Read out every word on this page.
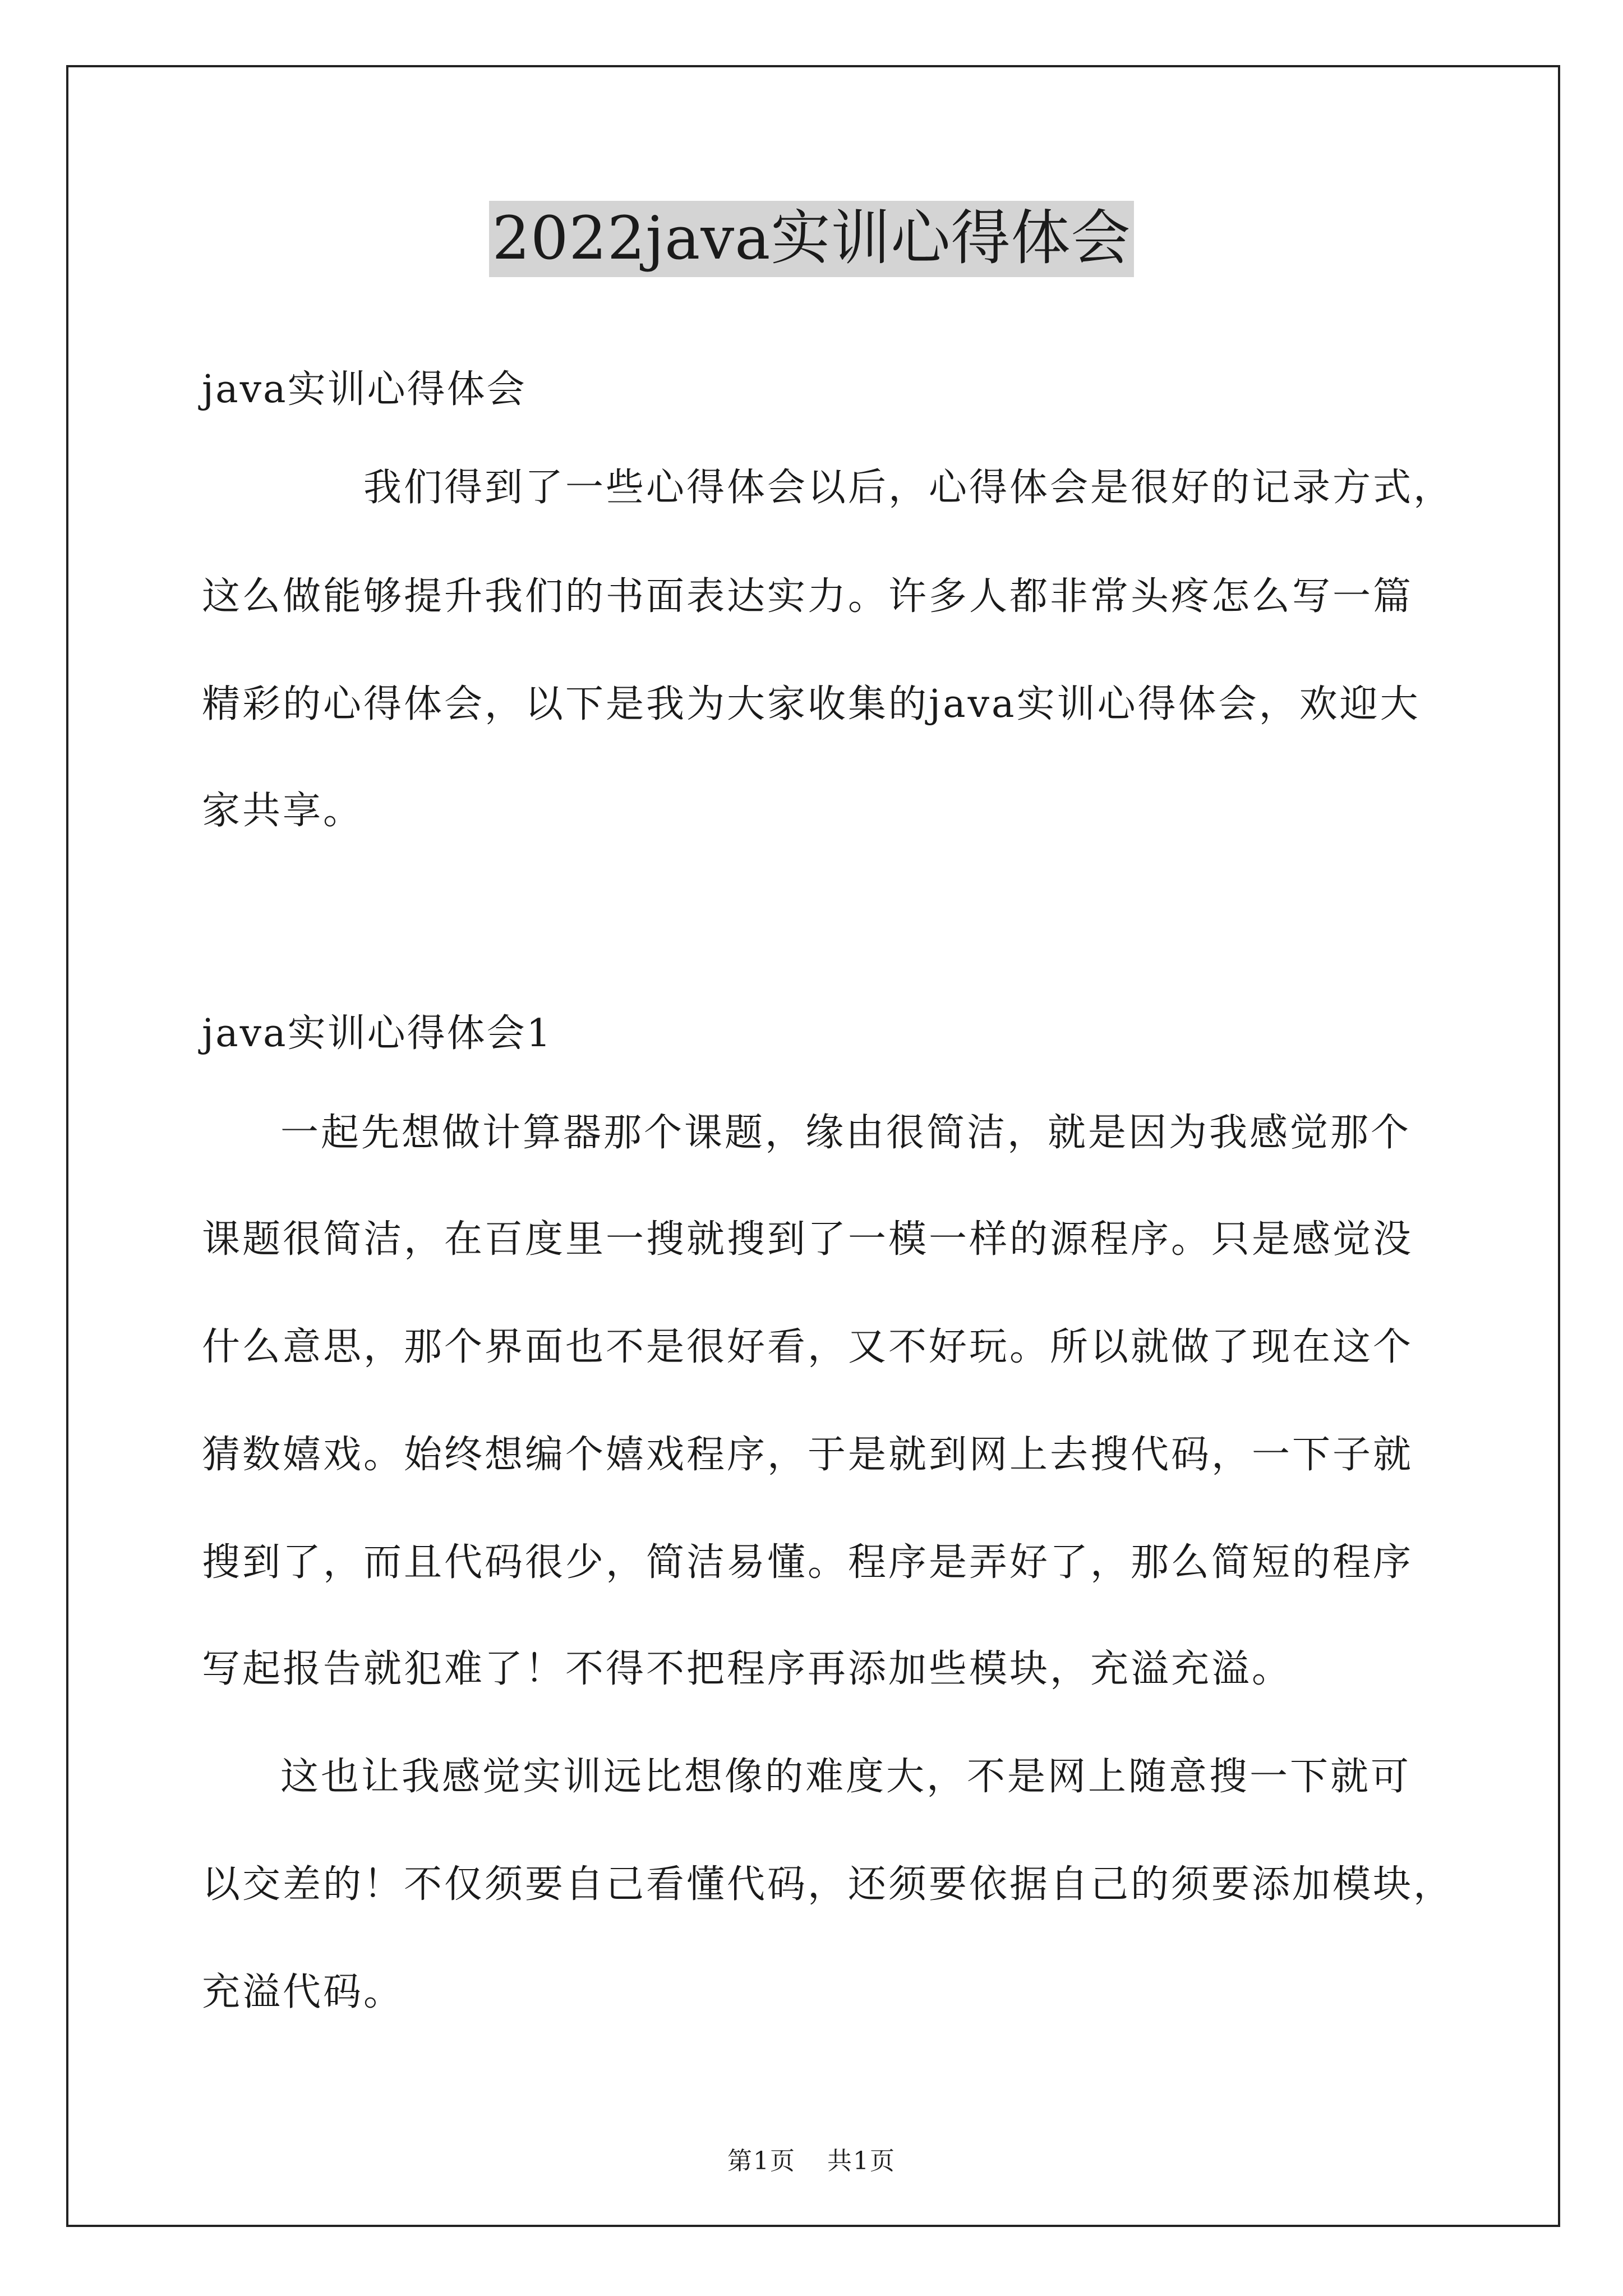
2022java实训心得体会

java实训心得体会

我们得到了一些心得体会以后，心得体会是很好的记录方式，
这么做能够提升我们的书面表达实力。许多人都非常头疼怎么写一篇
精彩的心得体会，以下是我为大家收集的java实训心得体会，欢迎大
家共享。

java实训心得体会1

一起先想做计算器那个课题，缘由很简洁，就是因为我感觉那个
课题很简洁，在百度里一搜就搜到了一模一样的源程序。只是感觉没
什么意思，那个界面也不是很好看，又不好玩。所以就做了现在这个
猜数嬉戏。始终想编个嬉戏程序，于是就到网上去搜代码，一下子就
搜到了，而且代码很少，简洁易懂。程序是弄好了，那么简短的程序
写起报告就犯难了！不得不把程序再添加些模块，充溢充溢。
这也让我感觉实训远比想像的难度大，不是网上随意搜一下就可
以交差的！不仅须要自己看懂代码，还须要依据自己的须要添加模块，
充溢代码。
第1页 共1页
